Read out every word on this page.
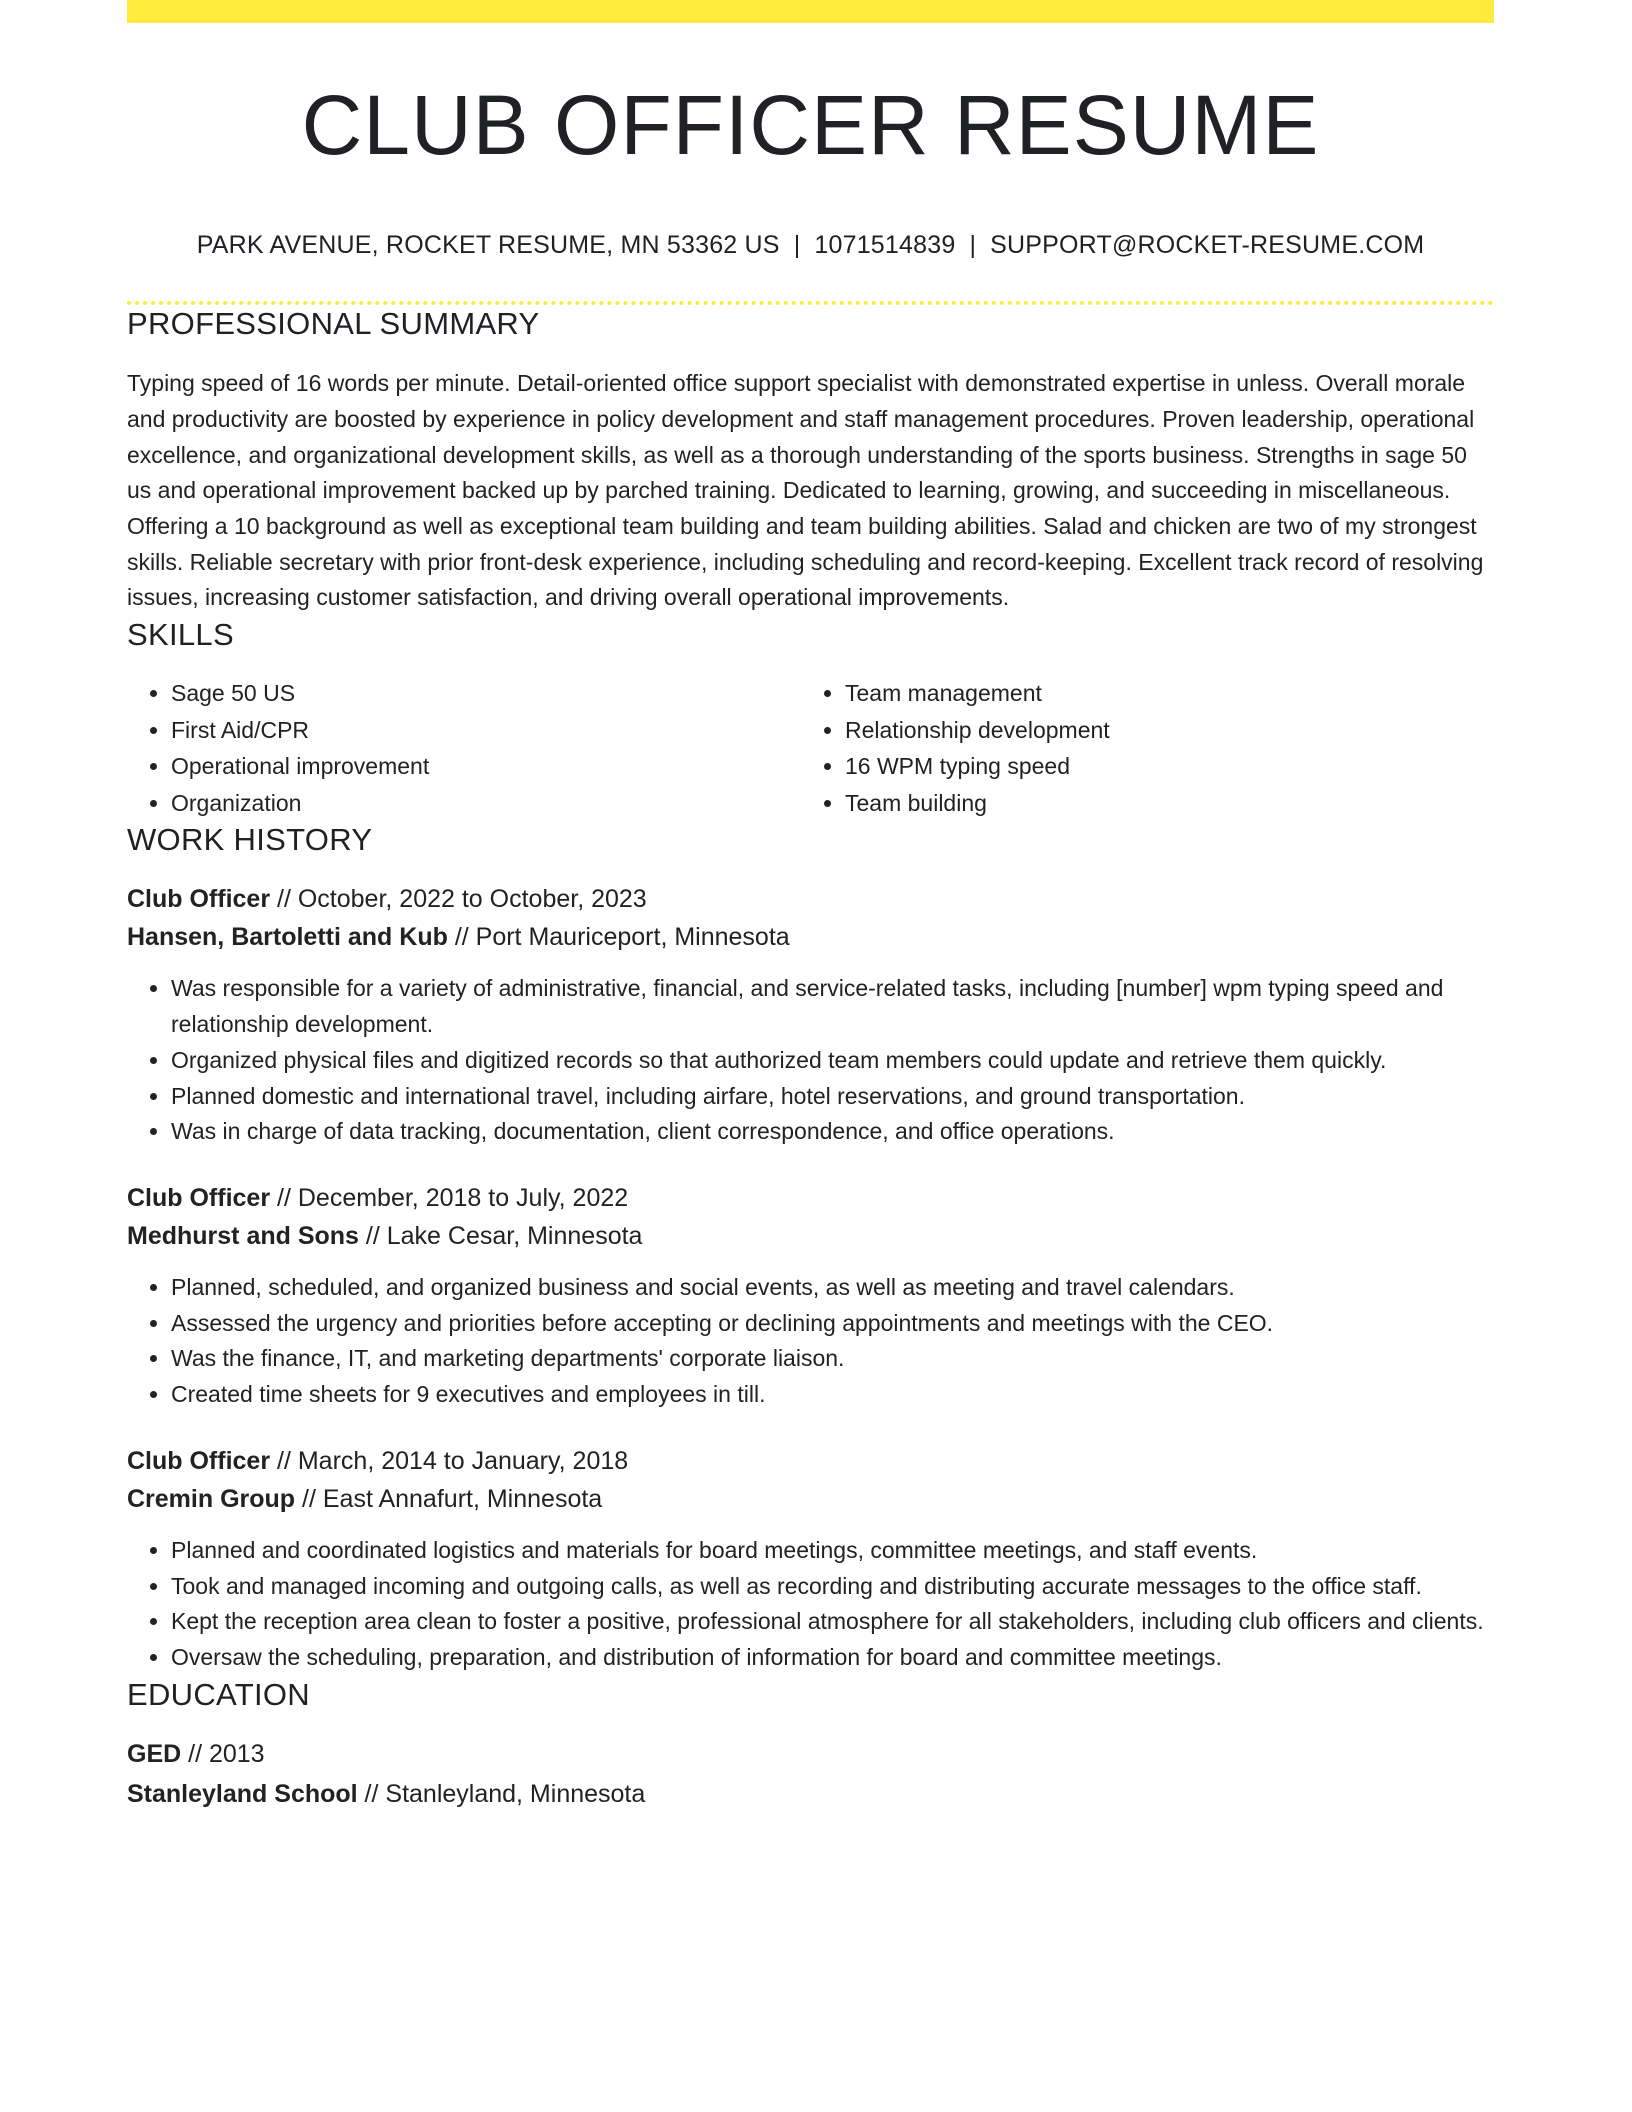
CLUB OFFICER RESUME
PARK AVENUE, ROCKET RESUME, MN 53362 US | 1071514839 | SUPPORT@ROCKET-RESUME.COM
PROFESSIONAL SUMMARY
Typing speed of 16 words per minute. Detail-oriented office support specialist with demonstrated expertise in unless. Overall morale and productivity are boosted by experience in policy development and staff management procedures. Proven leadership, operational excellence, and organizational development skills, as well as a thorough understanding of the sports business. Strengths in sage 50 us and operational improvement backed up by parched training. Dedicated to learning, growing, and succeeding in miscellaneous. Offering a 10 background as well as exceptional team building and team building abilities. Salad and chicken are two of my strongest skills. Reliable secretary with prior front-desk experience, including scheduling and record-keeping. Excellent track record of resolving issues, increasing customer satisfaction, and driving overall operational improvements.
SKILLS
• Sage 50 US
• First Aid/CPR
• Operational improvement
• Organization
• Team management
• Relationship development
• 16 WPM typing speed
• Team building
WORK HISTORY
Club Officer // October, 2022 to October, 2023
Hansen, Bartoletti and Kub // Port Mauriceport, Minnesota
• Was responsible for a variety of administrative, financial, and service-related tasks, including [number] wpm typing speed and relationship development.
• Organized physical files and digitized records so that authorized team members could update and retrieve them quickly.
• Planned domestic and international travel, including airfare, hotel reservations, and ground transportation.
• Was in charge of data tracking, documentation, client correspondence, and office operations.
Club Officer // December, 2018 to July, 2022
Medhurst and Sons // Lake Cesar, Minnesota
• Planned, scheduled, and organized business and social events, as well as meeting and travel calendars.
• Assessed the urgency and priorities before accepting or declining appointments and meetings with the CEO.
• Was the finance, IT, and marketing departments' corporate liaison.
• Created time sheets for 9 executives and employees in till.
Club Officer // March, 2014 to January, 2018
Cremin Group // East Annafurt, Minnesota
• Planned and coordinated logistics and materials for board meetings, committee meetings, and staff events.
• Took and managed incoming and outgoing calls, as well as recording and distributing accurate messages to the office staff.
• Kept the reception area clean to foster a positive, professional atmosphere for all stakeholders, including club officers and clients.
• Oversaw the scheduling, preparation, and distribution of information for board and committee meetings.
EDUCATION
GED // 2013
Stanleyland School // Stanleyland, Minnesota
